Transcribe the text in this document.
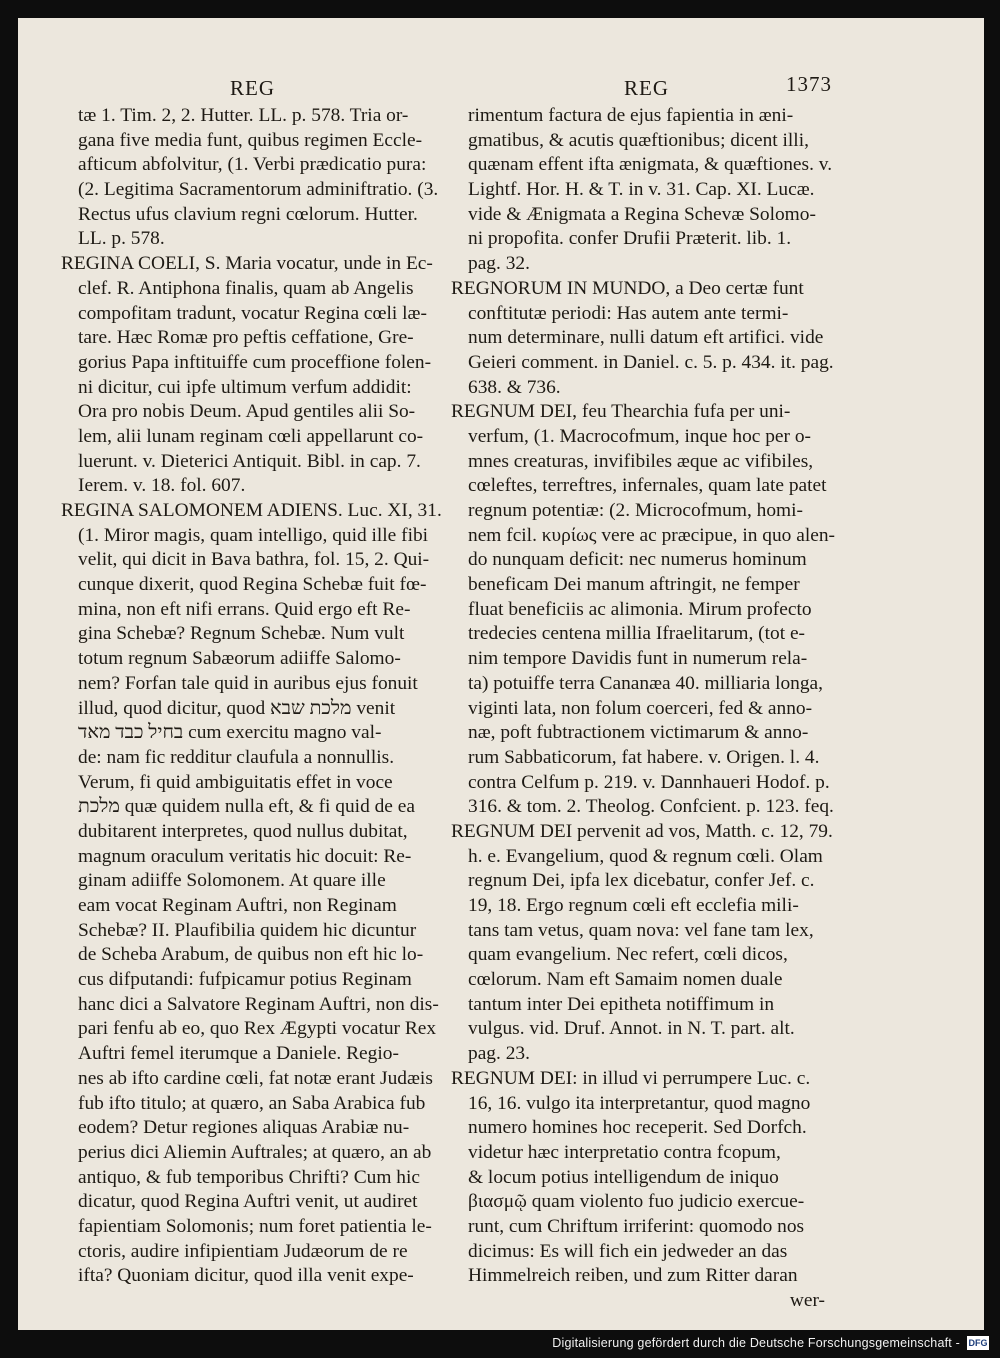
REG	REG	1373
tæ 1. Tim. 2, 2. Hutter. LL. p. 578. Tria or-
gana five media funt, quibus regimen Eccle-
afticum abfolvitur, (1. Verbi prædicatio pura:
(2. Legitima Sacramentorum adminiftratio. (3.
Rectus ufus clavium regni cœlorum. Hutter.
LL. p. 578.
REGINA COELI, S. Maria vocatur, unde in Ec-
clef. R. Antiphona finalis, quam ab Angelis
compofitam tradunt, vocatur Regina cœli læ-
tare. Hæc Romæ pro peftis ceffatione, Gre-
gorius Papa inftituiffe cum proceffione folen-
ni dicitur, cui ipfe ultimum verfum addidit:
Ora pro nobis Deum. Apud gentiles alii So-
lem, alii lunam reginam cœli appellarunt co-
luerunt. v. Dieterici Antiquit. Bibl. in cap. 7.
Ierem. v. 18. fol. 607.
REGINA SALOMONEM ADIENS. Luc. XI, 31.
(1. Miror magis, quam intelligo, quid ille fibi
velit, qui dicit in Bava bathra, fol. 15, 2. Qui-
cunque dixerit, quod Regina Schebæ fuit fœ-
mina, non eft nifi errans. Quid ergo eft Re-
gina Schebæ? Regnum Schebæ. Num vult
totum regnum Sabæorum adiiffe Salomo-
nem? Forfan tale quid in auribus ejus fonuit
illud, quod dicitur, quod מלכת שבא venit
בחיל כבד מאד cum exercitu magno val-
de: nam fic redditur claufula a nonnullis.
Verum, fi quid ambiguitatis effet in voce
מלכת quæ quidem nulla eft, & fi quid de ea
dubitarent interpretes, quod nullus dubitat,
magnum oraculum veritatis hic docuit: Re-
ginam adiiffe Solomonem. At quare ille
eam vocat Reginam Auftri, non Reginam
Schebæ? II. Plaufibilia quidem hic dicuntur
de Scheba Arabum, de quibus non eft hic lo-
cus difputandi: fufpicamur potius Reginam
hanc dici a Salvatore Reginam Auftri, non dis-
pari fenfu ab eo, quo Rex Ægypti vocatur Rex
Auftri femel iterumque a Daniele. Regio-
nes ab ifto cardine cœli, fat notæ erant Judæis
fub ifto titulo; at quæro, an Saba Arabica fub
eodem? Detur regiones aliquas Arabiæ nu-
perius dici Aliemin Auftrales; at quæro, an ab
antiquo, & fub temporibus Chrifti? Cum hic
dicatur, quod Regina Auftri venit, ut audiret
fapientiam Solomonis; num foret patientia le-
ctoris, audire infipientiam Judæorum de re
ifta? Quoniam dicitur, quod illa venit expe-
rimentum factura de ejus fapientia in æni-
gmatibus, & acutis quæftionibus; dicent illi,
quænam effent ifta ænigmata, & quæftiones. v.
Lightf. Hor. H. & T. in v. 31. Cap. XI. Lucæ.
vide & Ænigmata a Regina Schevæ Solomo-
ni propofita. confer Drufii Præterit. lib. 1.
pag. 32.
REGNORUM IN MUNDO, a Deo certæ funt
conftitutæ periodi: Has autem ante termi-
num determinare, nulli datum eft artifici. vide
Geieri comment. in Daniel. c. 5. p. 434. it. pag.
638. & 736.
REGNUM DEI, feu Thearchia fufa per uni-
verfum, (1. Macrocofmum, inque hoc per o-
mnes creaturas, invifibiles æque ac vifibiles,
cœleftes, terreftres, infernales, quam late patet
regnum potentiæ: (2. Microcofmum, homi-
nem fcil. κυρίως vere ac præcipue, in quo alen-
do nunquam deficit: nec numerus hominum
beneficam Dei manum aftringit, ne femper
fluat beneficiis ac alimonia. Mirum profecto
tredecies centena millia Ifraelitarum, (tot e-
nim tempore Davidis funt in numerum rela-
ta) potuiffe terra Cananæa 40. milliaria longa,
viginti lata, non folum coerceri, fed & anno-
næ, poft fubtractionem victimarum & anno-
rum Sabbaticorum, fat habere. v. Origen. l. 4.
contra Celfum p. 219. v. Dannhaueri Hodof. p.
316. & tom. 2. Theolog. Confcient. p. 123. feq.
REGNUM DEI pervenit ad vos, Matth. c. 12, 79.
h. e. Evangelium, quod & regnum cœli. Olam
regnum Dei, ipfa lex dicebatur, confer Jef. c.
19, 18. Ergo regnum cœli eft ecclefia mili-
tans tam vetus, quam nova: vel fane tam lex,
quam evangelium. Nec refert, cœli dicos,
cœlorum. Nam eft Samaim nomen duale
tantum inter Dei epitheta notiffimum in
vulgus. vid. Druf. Annot. in N. T. part. alt.
pag. 23.
REGNUM DEI: in illud vi perrumpere Luc. c.
16, 16. vulgo ita interpretantur, quod magno
numero homines hoc receperit. Sed Dorfch.
videtur hæc interpretatio contra fcopum,
& locum potius intelligendum de iniquo
βιασμῷ quam violento fuo judicio exercue-
runt, cum Chriftum irriferint: quomodo nos
dicimus: Es will fich ein jedweder an das
Himmelreich reiben, und zum Ritter daran
wer-
Digitalisierung gefördert durch die Deutsche Forschungsgemeinschaft - DFG
